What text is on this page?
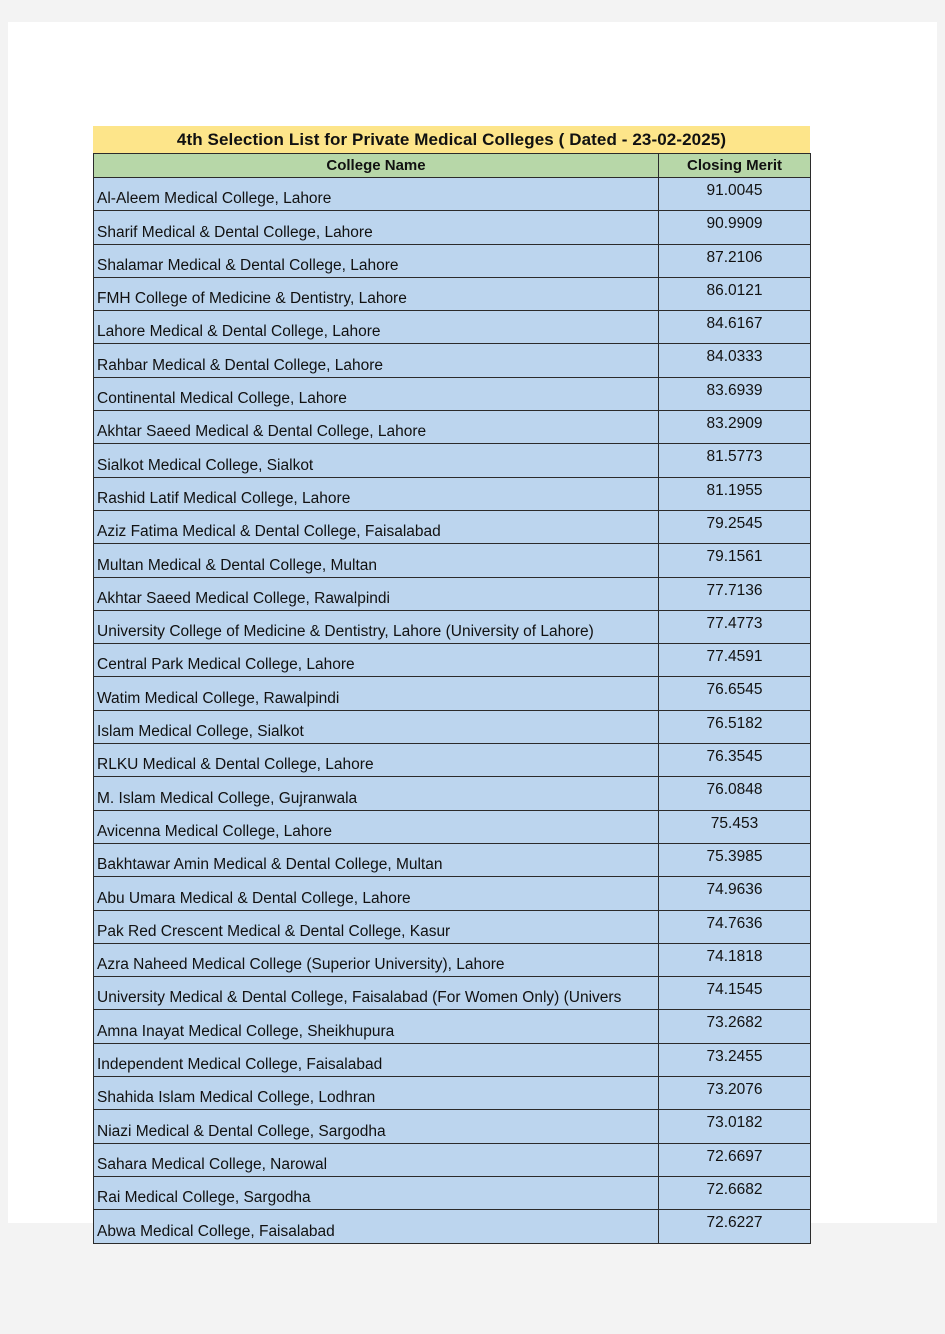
4th Selection List for Private Medical Colleges ( Dated - 23-02-2025)
College Name	Closing Merit
Al-Aleem Medical College, Lahore	91.0045
Sharif Medical & Dental College, Lahore	90.9909
Shalamar Medical & Dental College, Lahore	87.2106
FMH College of Medicine & Dentistry, Lahore	86.0121
Lahore Medical & Dental College, Lahore	84.6167
Rahbar Medical & Dental College, Lahore	84.0333
Continental Medical College, Lahore	83.6939
Akhtar Saeed Medical & Dental College, Lahore	83.2909
Sialkot Medical College, Sialkot	81.5773
Rashid Latif Medical College, Lahore	81.1955
Aziz Fatima Medical & Dental College, Faisalabad	79.2545
Multan Medical & Dental College, Multan	79.1561
Akhtar Saeed Medical College, Rawalpindi	77.7136
University College of Medicine & Dentistry, Lahore (University of Lahore)	77.4773
Central Park Medical College, Lahore	77.4591
Watim Medical College, Rawalpindi	76.6545
Islam Medical College, Sialkot	76.5182
RLKU Medical & Dental College, Lahore	76.3545
M. Islam Medical College, Gujranwala	76.0848
Avicenna Medical College, Lahore	75.453
Bakhtawar Amin Medical & Dental College, Multan	75.3985
Abu Umara Medical & Dental College, Lahore	74.9636
Pak Red Crescent Medical & Dental College, Kasur	74.7636
Azra Naheed Medical College (Superior University), Lahore	74.1818
University Medical & Dental College, Faisalabad (For Women Only) (Univers	74.1545
Amna Inayat Medical College, Sheikhupura	73.2682
Independent Medical College, Faisalabad	73.2455
Shahida Islam Medical College, Lodhran	73.2076
Niazi Medical & Dental College, Sargodha	73.0182
Sahara Medical College, Narowal	72.6697
Rai Medical College, Sargodha	72.6682
Abwa Medical College, Faisalabad	72.6227
